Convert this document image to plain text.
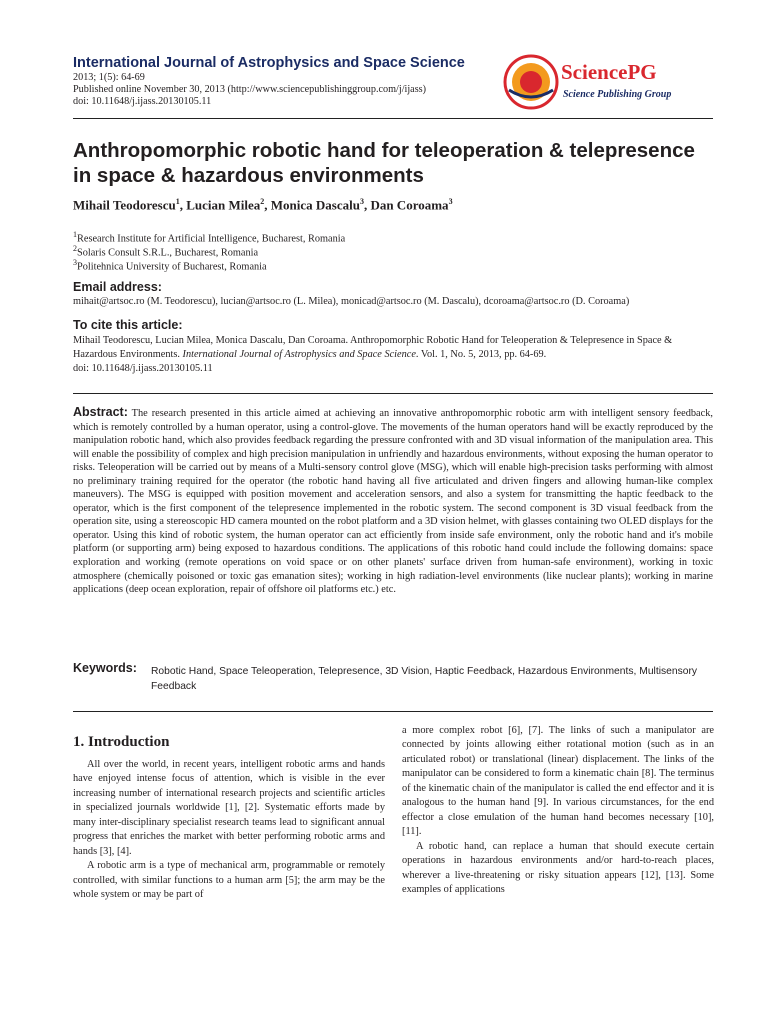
International Journal of Astrophysics and Space Science
2013; 1(5): 64-69
Published online November 30, 2013 (http://www.sciencepublishinggroup.com/j/ijass)
doi: 10.11648/j.ijass.20130105.11
SciencePG
Science Publishing Group
Anthropomorphic robotic hand for teleoperation & telepresence in space & hazardous environments
Mihail Teodorescu$^1$, Lucian Milea$^2$, Monica Dascalu$^3$, Dan Coroama$^3$
$^1$Research Institute for Artificial Intelligence, Bucharest, Romania
$^2$Solaris Consult S.R.L., Bucharest, Romania
$^3$Politehnica University of Bucharest, Romania
Email address:
mihait@artsoc.ro (M. Teodorescu), lucian@artsoc.ro (L. Milea), monicad@artsoc.ro (M. Dascalu), dcoroama@artsoc.ro (D. Coroama)
To cite this article:
Mihail Teodorescu, Lucian Milea, Monica Dascalu, Dan Coroama. Anthropomorphic Robotic Hand for Teleoperation & Telepresence in Space & Hazardous Environments. International Journal of Astrophysics and Space Science. Vol. 1, No. 5, 2013, pp. 64-69.
doi: 10.11648/j.ijass.20130105.11
Abstract: The research presented in this article aimed at achieving an innovative anthropomorphic robotic arm with intelligent sensory feedback, which is remotely controlled by a human operator, using a control-glove. The movements of the human operators hand will be exactly reproduced by the manipulation robotic hand, which also provides feedback regarding the pressure confronted with and 3D visual information of the manipulation area. This will enable the possibility of complex and high precision manipulation in unfriendly and hazardous environments, without exposing the human operator to risks. Teleoperation will be carried out by means of a Multi-sensory control glove (MSG), which will enable high-precision tasks performing with almost no preliminary training required for the operator (the robotic hand having all five articulated and driven fingers and allowing human-like complex maneuvers). The MSG is equipped with position movement and acceleration sensors, and also a system for transmitting the haptic feedback to the operator, which is the first component of the telepresence implemented in the robotic system. The second component is 3D visual feedback from the operation site, using a stereoscopic HD camera mounted on the robot platform and a 3D vision helmet, with glasses containing two OLED displays for the operator. Using this kind of robotic system, the human operator can act efficiently from inside safe environment, only the robotic hand and it's mobile platform (or supporting arm) being exposed to hazardous conditions. The applications of this robotic hand could include the following domains: space exploration and working (remote operations on void space or on other planets' surface driven from human-safe environment), working in toxic atmosphere (chemically poisoned or toxic gas emanation sites); working in high radiation-level environments (like nuclear plants); working in marine applications (deep ocean exploration, repair of offshore oil platforms etc.) etc.
Keywords: Robotic Hand, Space Teleoperation, Telepresence, 3D Vision, Haptic Feedback, Hazardous Environments, Multisensory Feedback
1. Introduction

All over the world, in recent years, intelligent robotic arms and hands have enjoyed intense focus of attention, which is visible in the ever increasing number of international research projects and scientific articles in specialized journals worldwide [1], [2]. Systematic efforts made by many inter-disciplinary specialist research teams lead to significant annual progress that enriches the market with better performing robotic arms and hands [3], [4].

A robotic arm is a type of mechanical arm, programmable or remotely controlled, with similar functions to a human arm [5]; the arm may be the whole system or may be part of

a more complex robot [6], [7]. The links of such a manipulator are connected by joints allowing either rotational motion (such as in an articulated robot) or translational (linear) displacement. The links of the manipulator can be considered to form a kinematic chain [8]. The terminus of the kinematic chain of the manipulator is called the end effector and it is analogous to the human hand [9]. In various circumstances, for the end effector a close emulation of the human hand becomes necessary [10], [11].

A robotic hand, can replace a human that should execute certain operations in hazardous environments and/or hard-to-reach places, wherever a live-threatening or risky situation appears [12], [13]. Some examples of applications
